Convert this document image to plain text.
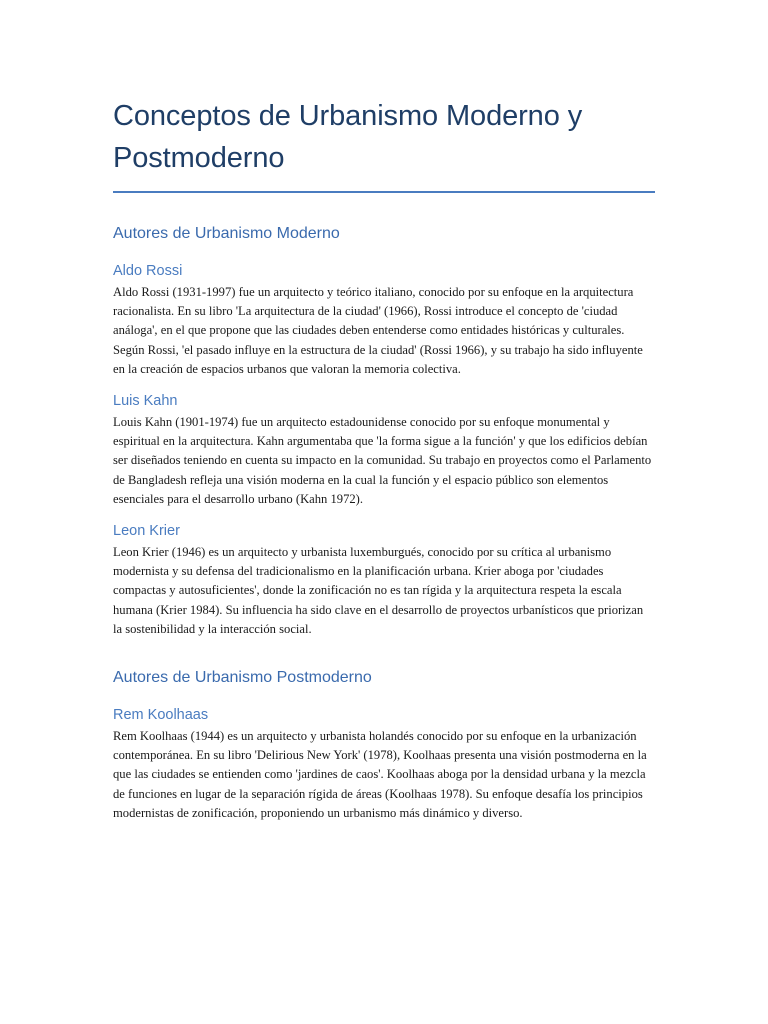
Conceptos de Urbanismo Moderno y Postmoderno
Autores de Urbanismo Moderno
Aldo Rossi

Aldo Rossi (1931-1997) fue un arquitecto y teórico italiano, conocido por su enfoque en la arquitectura racionalista. En su libro 'La arquitectura de la ciudad' (1966), Rossi introduce el concepto de 'ciudad análoga', en el que propone que las ciudades deben entenderse como entidades históricas y culturales. Según Rossi, 'el pasado influye en la estructura de la ciudad' (Rossi 1966), y su trabajo ha sido influyente en la creación de espacios urbanos que valoran la memoria colectiva.

Luis Kahn

Louis Kahn (1901-1974) fue un arquitecto estadounidense conocido por su enfoque monumental y espiritual en la arquitectura. Kahn argumentaba que 'la forma sigue a la función' y que los edificios debían ser diseñados teniendo en cuenta su impacto en la comunidad. Su trabajo en proyectos como el Parlamento de Bangladesh refleja una visión moderna en la cual la función y el espacio público son elementos esenciales para el desarrollo urbano (Kahn 1972).

Leon Krier

Leon Krier (1946) es un arquitecto y urbanista luxemburgués, conocido por su crítica al urbanismo modernista y su defensa del tradicionalismo en la planificación urbana. Krier aboga por 'ciudades compactas y autosuficientes', donde la zonificación no es tan rígida y la arquitectura respeta la escala humana (Krier 1984). Su influencia ha sido clave en el desarrollo de proyectos urbanísticos que priorizan la sostenibilidad y la interacción social.

Autores de Urbanismo Postmoderno
Rem Koolhaas

Rem Koolhaas (1944) es un arquitecto y urbanista holandés conocido por su enfoque en la urbanización contemporánea. En su libro 'Delirious New York' (1978), Koolhaas presenta una visión postmoderna en la que las ciudades se entienden como 'jardines de caos'. Koolhaas aboga por la densidad urbana y la mezcla de funciones en lugar de la separación rígida de áreas (Koolhaas 1978). Su enfoque desafía los principios modernistas de zonificación, proponiendo un urbanismo más dinámico y diverso.
